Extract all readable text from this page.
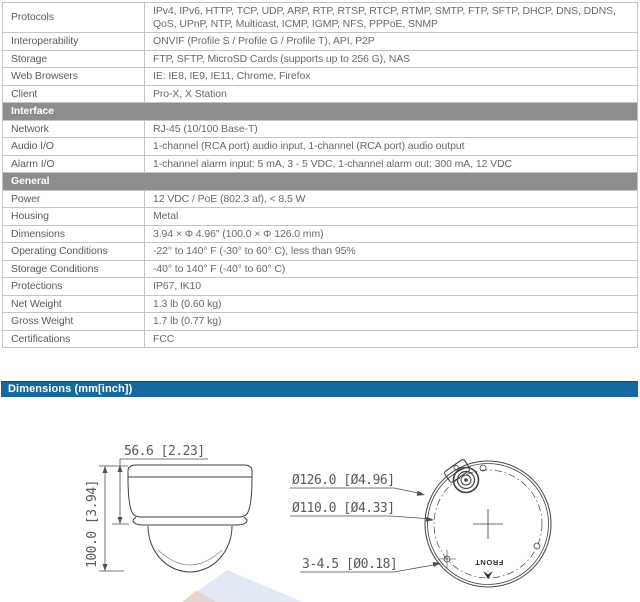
Protocols	IPv4, IPv6, HTTP, TCP, UDP, ARP, RTP, RTSP, RTCP, RTMP, SMTP, FTP, SFTP, DHCP, DNS, DDNS, QoS, UPnP, NTP, Multicast, ICMP, IGMP, NFS, PPPoE, SNMP
Interoperability	ONVIF (Profile S / Profile G / Profile T), API, P2P
Storage	FTP, SFTP, MicroSD Cards (supports up to 256 G), NAS
Web Browsers	IE: IE8, IE9, IE11, Chrome, Firefox
Client	Pro-X, X Station
Interface	
Network	RJ-45 (10/100 Base-T)
Audio I/O	1-channel (RCA port) audio input, 1-channel (RCA port) audio output
Alarm I/O	1-channel alarm input: 5 mA, 3 - 5 VDC, 1-channel alarm out: 300 mA, 12 VDC
General	
Power	12 VDC / PoE (802.3 af), < 8.5 W
Housing	Metal
Dimensions	3.94 × Φ 4.96" (100.0 × Φ 126.0 mm)
Operating Conditions	-22° to 140° F (-30° to 60° C), less than 95%
Storage Conditions	-40° to 140° F (-40° to 60° C)
Protections	IP67, IK10
Net Weight	1.3 lb (0.60 kg)
Gross Weight	1.7 lb (0.77 kg)
Certifications	FCC
Dimensions (mm[inch])
56.6 [2.23]
100.0 [3.94]	FRONT
Ø126.0 [Ø4.96]
Ø110.0 [Ø4.33]
3-4.5 [Ø0.18]
